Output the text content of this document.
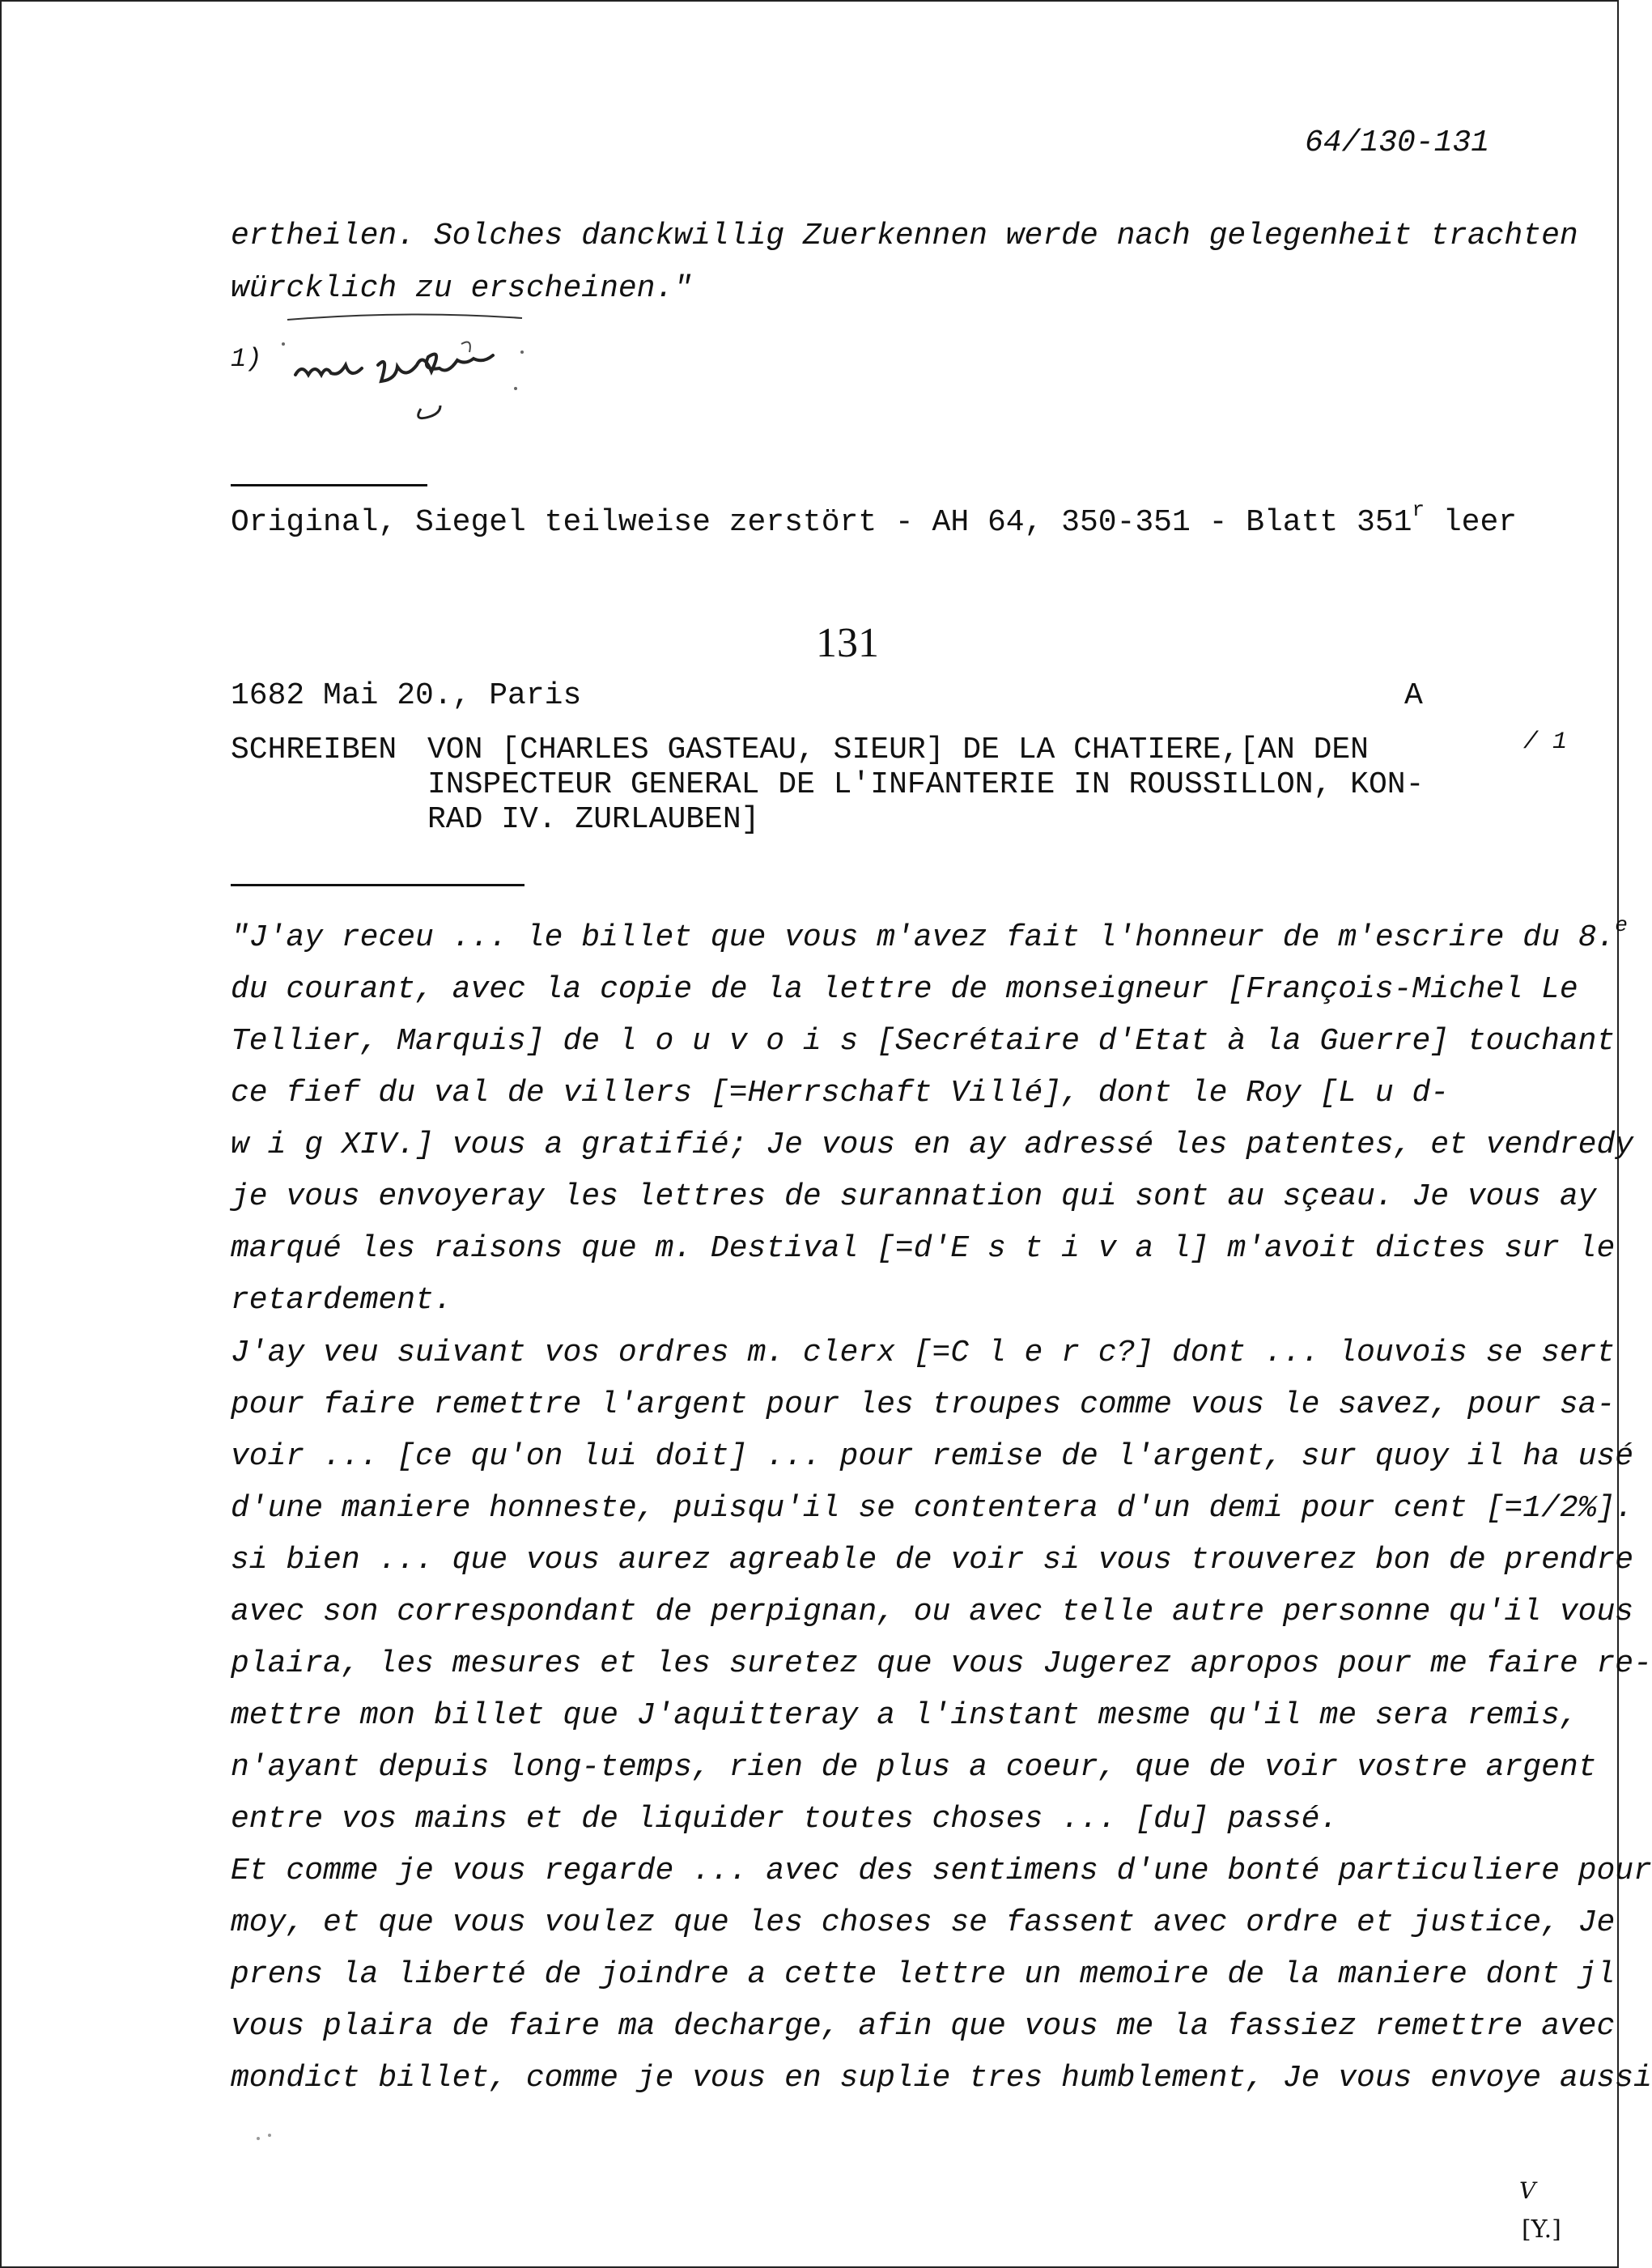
64/130-131
ertheilen. Solches danckwillig Zuerkennen werde nach gelegenheit trachten
würcklich zu erscheinen."
1)
Original, Siegel teilweise zerstört - AH 64, 350-351 - Blatt 351$^r$ leer
131
1682 Mai 20., Paris	A
SCHREIBEN VON [CHARLES GASTEAU, SIEUR] DE LA CHATIERE,[AN DEN
INSPECTEUR GENERAL DE L'INFANTERIE IN ROUSSILLON, KON-
RAD IV. ZURLAUBEN]
/ 1
"J'ay receu ... le billet que vous m'avez fait l'honneur de m'escrire du 8.$^e$
du courant, avec la copie de la lettre de monseigneur [François-Michel Le
Tellier, Marquis] de l o u v o i s [Secrétaire d'Etat à la Guerre] touchant
ce fief du val de villers [=Herrschaft Villé], dont le Roy [L u d-
w i g XIV.] vous a gratifié; Je vous en ay adressé les patentes, et vendredy
je vous envoyeray les lettres de surannation qui sont au sçeau. Je vous ay
marqué les raisons que m. Destival [=d'E s t i v a l] m'avoit dictes sur le
retardement.
J'ay veu suivant vos ordres m. clerx [=C l e r c?] dont ... louvois se sert
pour faire remettre l'argent pour les troupes comme vous le savez, pour sa-
voir ... [ce qu'on lui doit] ... pour remise de l'argent, sur quoy il ha usé
d'une maniere honneste, puisqu'il se contentera d'un demi pour cent [=1/2%].
si bien ... que vous aurez agreable de voir si vous trouverez bon de prendre
avec son correspondant de perpignan, ou avec telle autre personne qu'il vous
plaira, les mesures et les suretez que vous Jugerez apropos pour me faire re-
mettre mon billet que J'aquitteray a l'instant mesme qu'il me sera remis,
n'ayant depuis long-temps, rien de plus a coeur, que de voir vostre argent
entre vos mains et de liquider toutes choses ... [du] passé.
Et comme je vous regarde ... avec des sentimens d'une bonté particuliere pour
moy, et que vous voulez que les choses se fassent avec ordre et justice, Je
prens la liberté de joindre a cette lettre un memoire de la maniere dont jl
vous plaira de faire ma decharge, afin que vous me la fassiez remettre avec
mondict billet, comme je vous en suplie tres humblement, Je vous envoye aussi
V
[Y.]
